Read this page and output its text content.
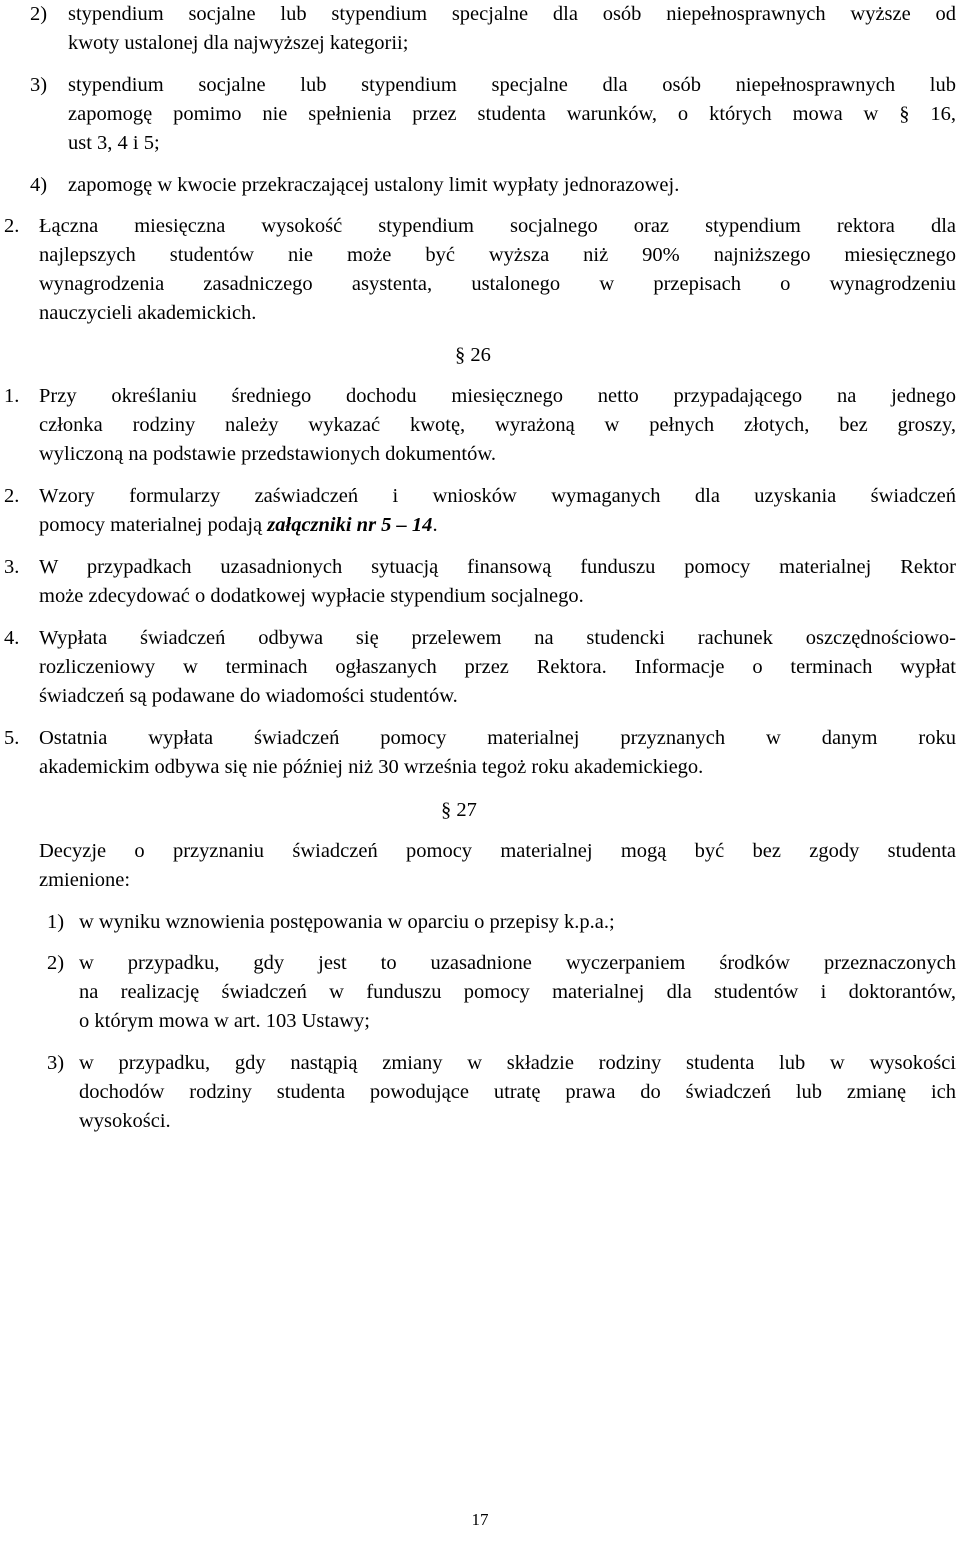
2) stypendium socjalne lub stypendium specjalne dla osób niepełnosprawnych wyższe od
kwoty ustalonej dla najwyższej kategorii;
3) stypendium socjalne lub stypendium specjalne dla osób niepełnosprawnych lub
zapomogę pomimo nie spełnienia przez studenta warunków, o których mowa w § 16,
ust 3, 4 i 5;
4) zapomogę w kwocie przekraczającej ustalony limit wypłaty jednorazowej.
2. Łączna miesięczna wysokość stypendium socjalnego oraz stypendium rektora dla
najlepszych studentów nie może być wyższa niż 90% najniższego miesięcznego
wynagrodzenia zasadniczego asystenta, ustalonego w przepisach o wynagrodzeniu
nauczycieli akademickich.
§ 26
1. Przy określaniu średniego dochodu miesięcznego netto przypadającego na jednego
członka rodziny należy wykazać kwotę, wyrażoną w pełnych złotych, bez groszy,
wyliczoną na podstawie przedstawionych dokumentów.
2. Wzory formularzy zaświadczeń i wniosków wymaganych dla uzyskania świadczeń
pomocy materialnej podają załączniki nr 5 – 14.
3. W przypadkach uzasadnionych sytuacją finansową funduszu pomocy materialnej Rektor
może zdecydować o dodatkowej wypłacie stypendium socjalnego.
4. Wypłata świadczeń odbywa się przelewem na studencki rachunek oszczędnościowo-
rozliczeniowy w terminach ogłaszanych przez Rektora. Informacje o terminach wypłat
świadczeń są podawane do wiadomości studentów.
5. Ostatnia wypłata świadczeń pomocy materialnej przyznanych w danym roku
akademickim odbywa się nie później niż 30 września tegoż roku akademickiego.
§ 27
Decyzje o przyznaniu świadczeń pomocy materialnej mogą być bez zgody studenta
zmienione:
1) w wyniku wznowienia postępowania w oparciu o przepisy k.p.a.;
2) w przypadku, gdy jest to uzasadnione wyczerpaniem środków przeznaczonych
na realizację świadczeń w funduszu pomocy materialnej dla studentów i doktorantów,
o którym mowa w art. 103 Ustawy;
3) w przypadku, gdy nastąpią zmiany w składzie rodziny studenta lub w wysokości
dochodów rodziny studenta powodujące utratę prawa do świadczeń lub zmianę ich
wysokości.
17
